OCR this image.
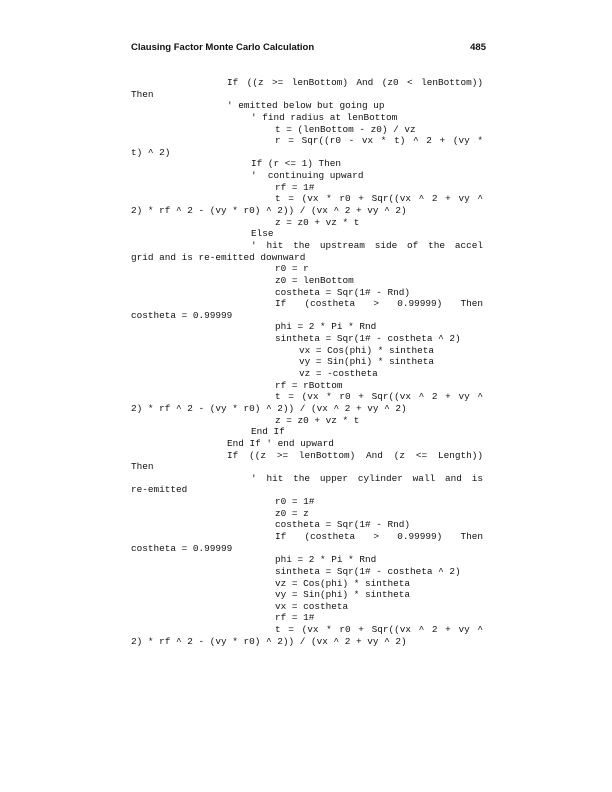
Clausing Factor Monte Carlo Calculation	485
If ((z >= lenBottom) And (z0 < lenBottom))
Then
' emitted below but going up
' find radius at lenBottom
t = (lenBottom - z0) / vz
r = Sqr((r0 - vx * t) ^ 2 + (vy *
t) ^ 2)
If (r <= 1) Then
'  continuing upward
rf = 1#
t = (vx * r0 + Sqr((vx ^ 2 + vy ^
2) * rf ^ 2 - (vy * r0) ^ 2)) / (vx ^ 2 + vy ^ 2)
z = z0 + vz * t
Else
' hit the upstream side of the accel
grid and is re-emitted downward
r0 = r
z0 = lenBottom
costheta = Sqr(1# - Rnd)
If (costheta > 0.99999) Then
costheta = 0.99999
phi = 2 * Pi * Rnd
sintheta = Sqr(1# - costheta ^ 2)
vx = Cos(phi) * sintheta
vy = Sin(phi) * sintheta
vz = -costheta
rf = rBottom
t = (vx * r0 + Sqr((vx ^ 2 + vy ^
2) * rf ^ 2 - (vy * r0) ^ 2)) / (vx ^ 2 + vy ^ 2)
z = z0 + vz * t
End If
End If ' end upward
If ((z >= lenBottom) And (z <= Length))
Then
' hit the upper cylinder wall and is
re-emitted
r0 = 1#
z0 = z
costheta = Sqr(1# - Rnd)
If (costheta > 0.99999) Then
costheta = 0.99999
phi = 2 * Pi * Rnd
sintheta = Sqr(1# - costheta ^ 2)
vz = Cos(phi) * sintheta
vy = Sin(phi) * sintheta
vx = costheta
rf = 1#
t = (vx * r0 + Sqr((vx ^ 2 + vy ^
2) * rf ^ 2 - (vy * r0) ^ 2)) / (vx ^ 2 + vy ^ 2)
